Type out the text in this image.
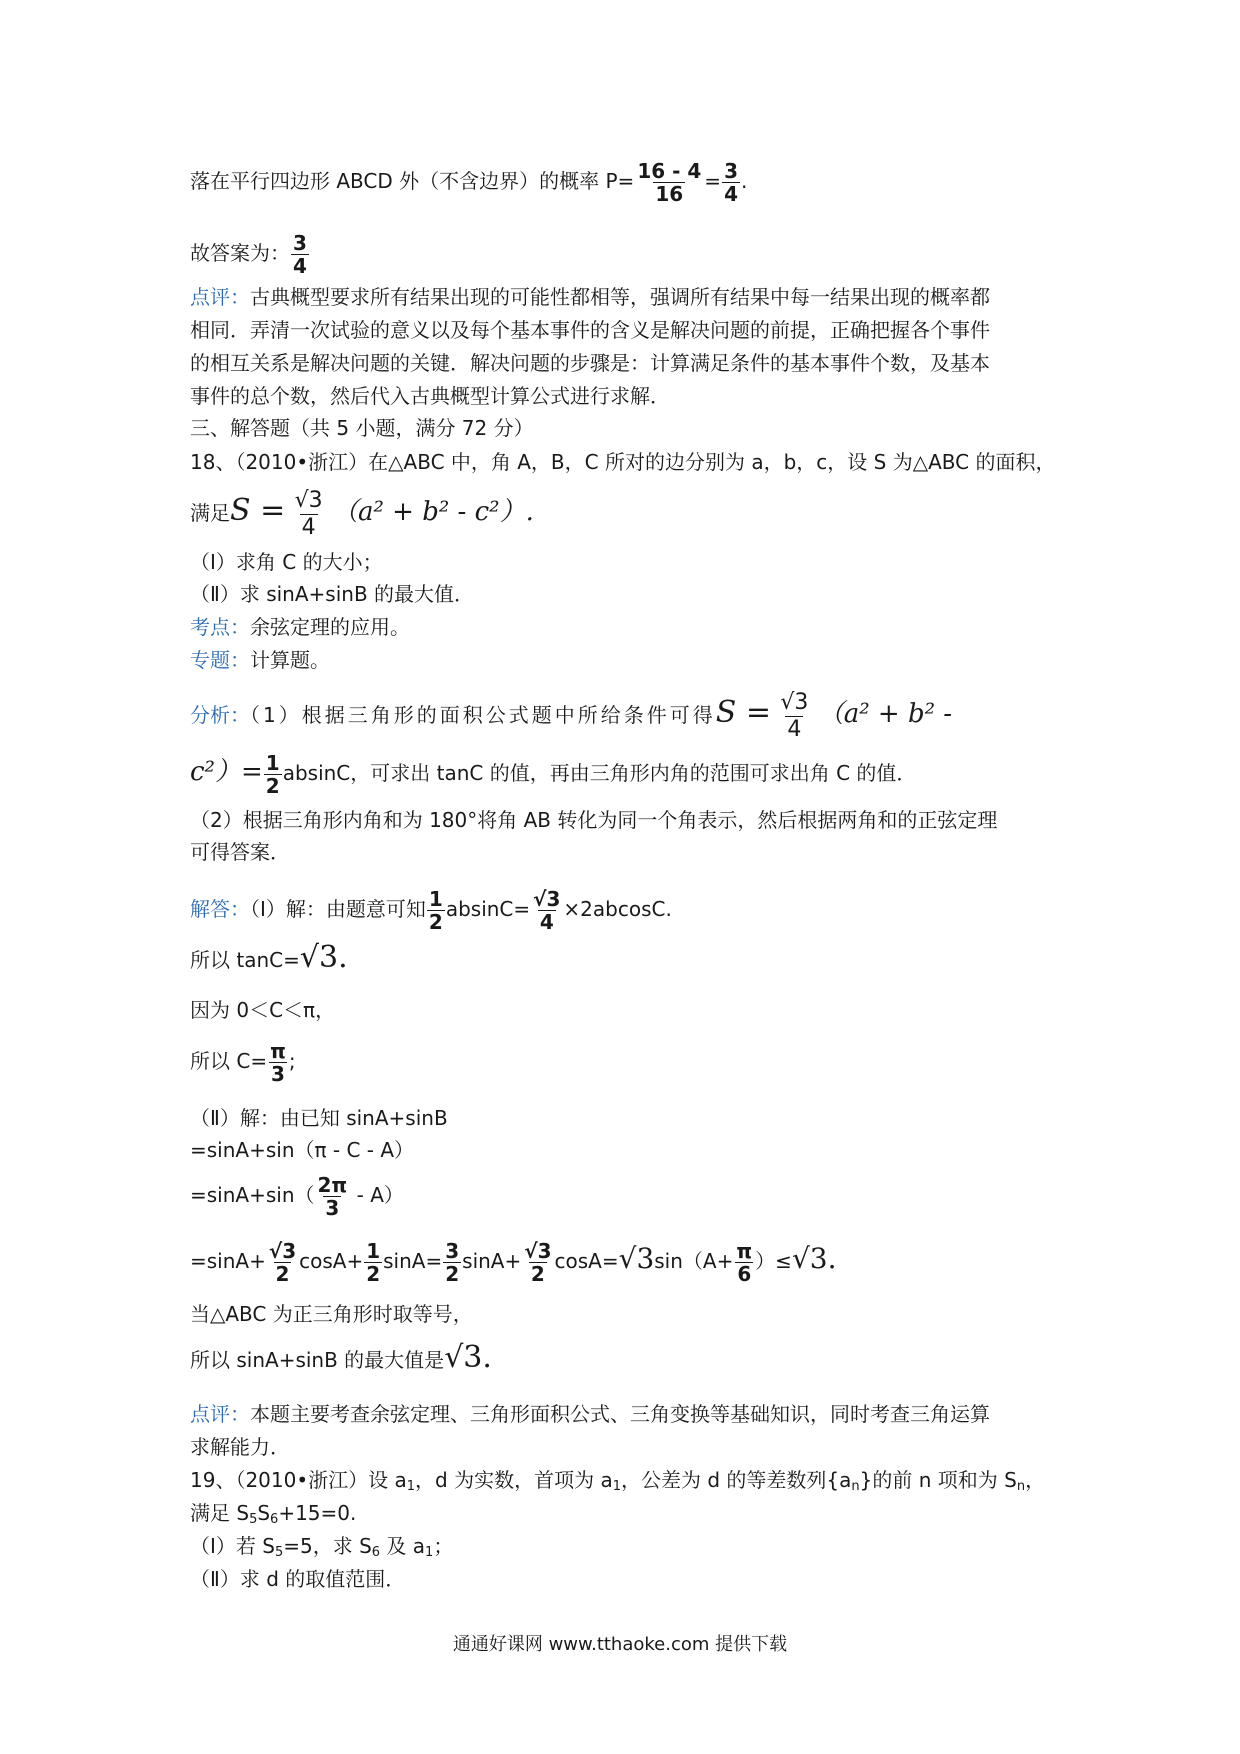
落在平行四边形 ABCD 外（不含边界）的概率 $P= \frac{16 - 4}{16} = \frac{3}{4}$ .
故答案为： $\frac{3}{4}$
点评：古典概型要求所有结果出现的可能性都相等，强调所有结果中每一结果出现的概率都
相同．弄清一次试验的意义以及每个基本事件的含义是解决问题的前提，正确把握各个事件
的相互关系是解决问题的关键．解决问题的步骤是：计算满足条件的基本事件个数，及基本
事件的总个数，然后代入古典概型计算公式进行求解．
三、解答题（共 5 小题，满分 72 分）
18、（2010•浙江）在△ABC 中，角 A，B，C 所对的边分别为 a，b，c，设 S 为△ABC 的面积，
满足$S = \frac{√3}{4} (a^2 + b^2 - c^2)$.
（Ⅰ）求角 C 的大小；
（Ⅱ）求 sinA+sinB 的最大值．
考点：余弦定理的应用。
专题：计算题。
分析：（1）根据三角形的面积公式题中所给条件可得$S = \frac{√3}{4} (a^2 + b^2$ -
$c^2)= \frac{1}{2}$ absinC，可求出 tanC 的值，再由三角形内角的范围可求出角 C 的值．
（2）根据三角形内角和为 180°将角 AB 转化为同一个角表示，然后根据两角和的正弦定理
可得答案．
解答：（Ⅰ）解：由题意可知 $\frac{1}{2} absinC= \frac{√3}{4} \times 2abcosC$.
所以 tanC=√3.
因为 0＜C＜π，
所以 $C= \frac{\pi}{3}$ ;
（Ⅱ）解：由已知 sinA+sinB
=sinA+sin（π - C - A）
$=\sin A+\sin( \frac{2\pi}{3} - A)$
$=\sin A+ \frac{√3}{2} \cos A+ \frac{1}{2} \sin A= \frac{3}{2} \sin A+ \frac{√3}{2} \cos A=√3\sin(A+ \frac{\pi}{6} )\le√3$.
当△ABC 为正三角形时取等号，
所以 sinA+sinB 的最大值是√3.
点评：本题主要考查余弦定理、三角形面积公式、三角变换等基础知识，同时考查三角运算
求解能力．
19、（2010•浙江）设 $a_1$，d 为实数，首项为 $a_1$，公差为 d 的等差数列$\{a_n\}$的前 n 项和为 $S_n$，
满足 $S_5S_6+15=0$.
（Ⅰ）若 $S_5=5$，求 $S_6$ 及 $a_1$；
（Ⅱ）求 d 的取值范围．
通通好课网 www.tthaoke.com 提供下载
